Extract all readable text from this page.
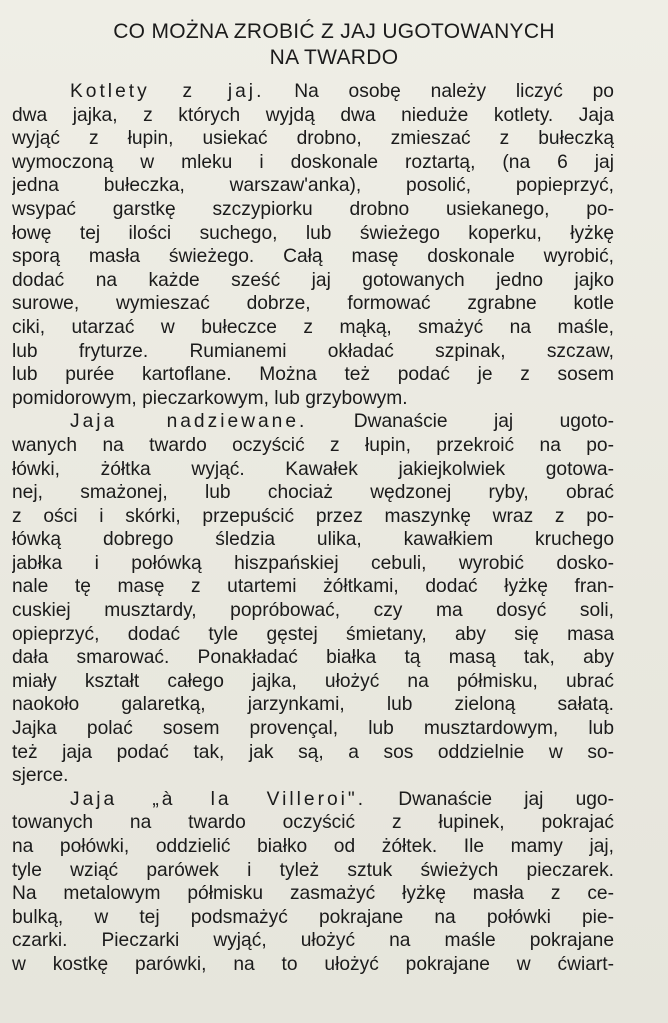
CO MOŻNA ZROBIĆ Z JAJ UGOTOWANYCH
NA TWARDO
Kotlety z jaj. Na osobę należy liczyć po
dwa jajka, z których wyjdą dwa nieduże kotlety. Jaja
wyjąć z łupin, usiekać drobno, zmieszać z bułeczką
wymoczoną w mleku i doskonale roztartą, (na 6 jaj
jedna bułeczka, warszaw'anka), posolić, popieprzyć,
wsypać garstkę szczypiorku drobno usiekanego, po-
łowę tej ilości suchego, lub świeżego koperku, łyżkę
sporą masła świeżego. Całą masę doskonale wyrobić,
dodać na każde sześć jaj gotowanych jedno jajko
surowe, wymieszać dobrze, formować zgrabne kotle
ciki, utarzać w bułeczce z mąką, smażyć na maśle,
lub fryturze. Rumianemi okładać szpinak, szczaw,
lub purée kartoflane. Można też podać je z sosem
pomidorowym, pieczarkowym, lub grzybowym.
Jaja nadziewane. Dwanaście jaj ugoto-
wanych na twardo oczyścić z łupin, przekroić na po-
łówki, żółtka wyjąć. Kawałek jakiejkolwiek gotowa-
nej, smażonej, lub chociaż wędzonej ryby, obrać
z ości i skórki, przepuścić przez maszynkę wraz z po-
łówką dobrego śledzia ulika, kawałkiem kruchego
jabłka i połówką hiszpańskiej cebuli, wyrobić dosko-
nale tę masę z utartemi żółtkami, dodać łyżkę fran-
cuskiej musztardy, popróbować, czy ma dosyć soli,
opieprzyć, dodać tyle gęstej śmietany, aby się masa
dała smarować. Ponakładać białka tą masą tak, aby
miały kształt całego jajka, ułożyć na półmisku, ubrać
naokoło galaretką, jarzynkami, lub zieloną sałatą.
Jajka polać sosem provençal, lub musztardowym, lub
też jaja podać tak, jak są, a sos oddzielnie w so-
sjerce.
Jaja „à la Villeroi". Dwanaście jaj ugo-
towanych na twardo oczyścić z łupinek, pokrajać
na połówki, oddzielić białko od żółtek. Ile mamy jaj,
tyle wziąć parówek i tyleż sztuk świeżych pieczarek.
Na metalowym półmisku zasmażyć łyżkę masła z ce-
bulką, w tej podsmażyć pokrajane na połówki pie-
czarki. Pieczarki wyjąć, ułożyć na maśle pokrajane
w kostkę parówki, na to ułożyć pokrajane w ćwiart-
